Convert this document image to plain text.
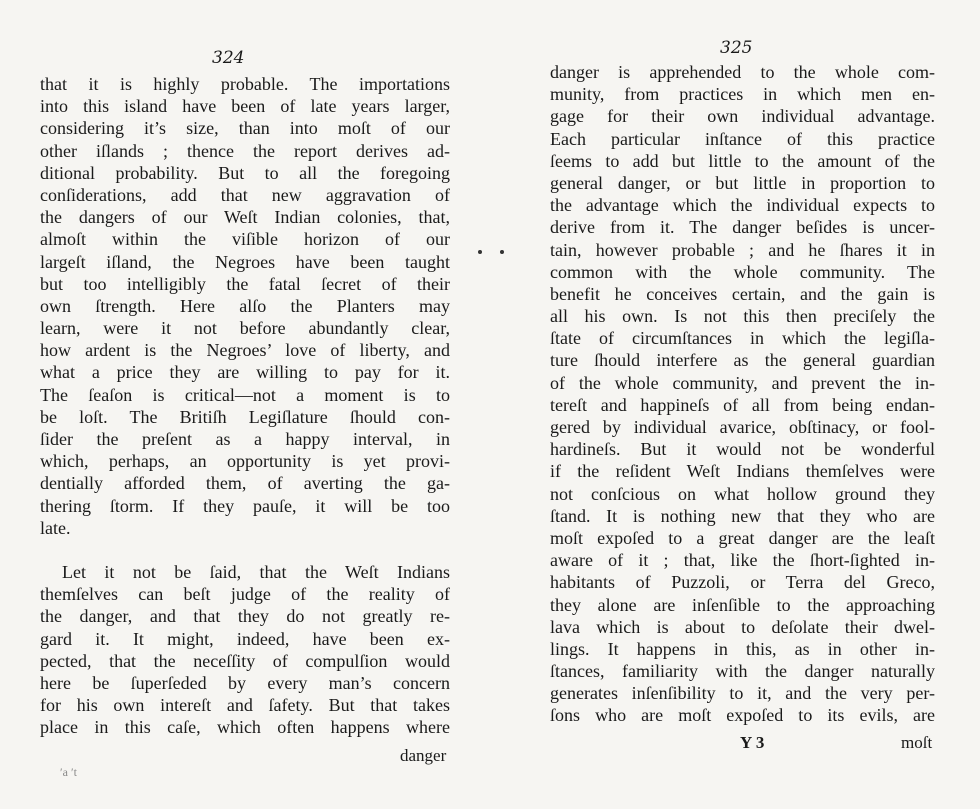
324
that it is highly probable. The importations
into this island have been of late years larger,
considering it’s size, than into moſt of our
other iſlands ; thence the report derives ad-
ditional probability. But to all the foregoing
conſiderations, add that new aggravation of
the dangers of our Weſt Indian colonies, that,
almoſt within the viſible horizon of our
largeſt iſland, the Negroes have been taught
but too intelligibly the fatal ſecret of their
own ſtrength. Here alſo the Planters may
learn, were it not before abundantly clear,
how ardent is the Negroes’ love of liberty, and
what a price they are willing to pay for it.
The ſeaſon is critical—not a moment is to
be loſt. The Britiſh Legiſlature ſhould con-
ſider the preſent as a happy interval, in
which, perhaps, an opportunity is yet provi-
dentially afforded them, of averting the ga-
thering ſtorm. If they pauſe, it will be too
late.
Let it not be ſaid, that the Weſt Indians
themſelves can beſt judge of the reality of
the danger, and that they do not greatly re-
gard it. It might, indeed, have been ex-
pected, that the neceſſity of compulſion would
here be ſuperſeded by every man’s concern
for his own intereſt and ſafety. But that takes
place in this caſe, which often happens where
danger
325
danger is apprehended to the whole com-
munity, from practices in which men en-
gage for their own individual advantage.
Each particular inſtance of this practice
ſeems to add but little to the amount of the
general danger, or but little in proportion to
the advantage which the individual expects to
derive from it. The danger beſides is uncer-
tain, however probable ; and he ſhares it in
common with the whole community. The
benefit he conceives certain, and the gain is
all his own. Is not this then preciſely the
ſtate of circumſtances in which the legiſla-
ture ſhould interfere as the general guardian
of the whole community, and prevent the in-
tereſt and happineſs of all from being endan-
gered by individual avarice, obſtinacy, or fool-
hardineſs. But it would not be wonderful
if the reſident Weſt Indians themſelves were
not conſcious on what hollow ground they
ſtand. It is nothing new that they who are
moſt expoſed to a great danger are the leaſt
aware of it ; that, like the ſhort-ſighted in-
habitants of Puzzoli, or Terra del Greco,
they alone are inſenſible to the approaching
lava which is about to deſolate their dwel-
lings. It happens in this, as in other in-
ſtances, familiarity with the danger naturally
generates inſenſibility to it, and the very per-
ſons who are moſt expoſed to its evils, are
Y 3	moſt
′a ′t
